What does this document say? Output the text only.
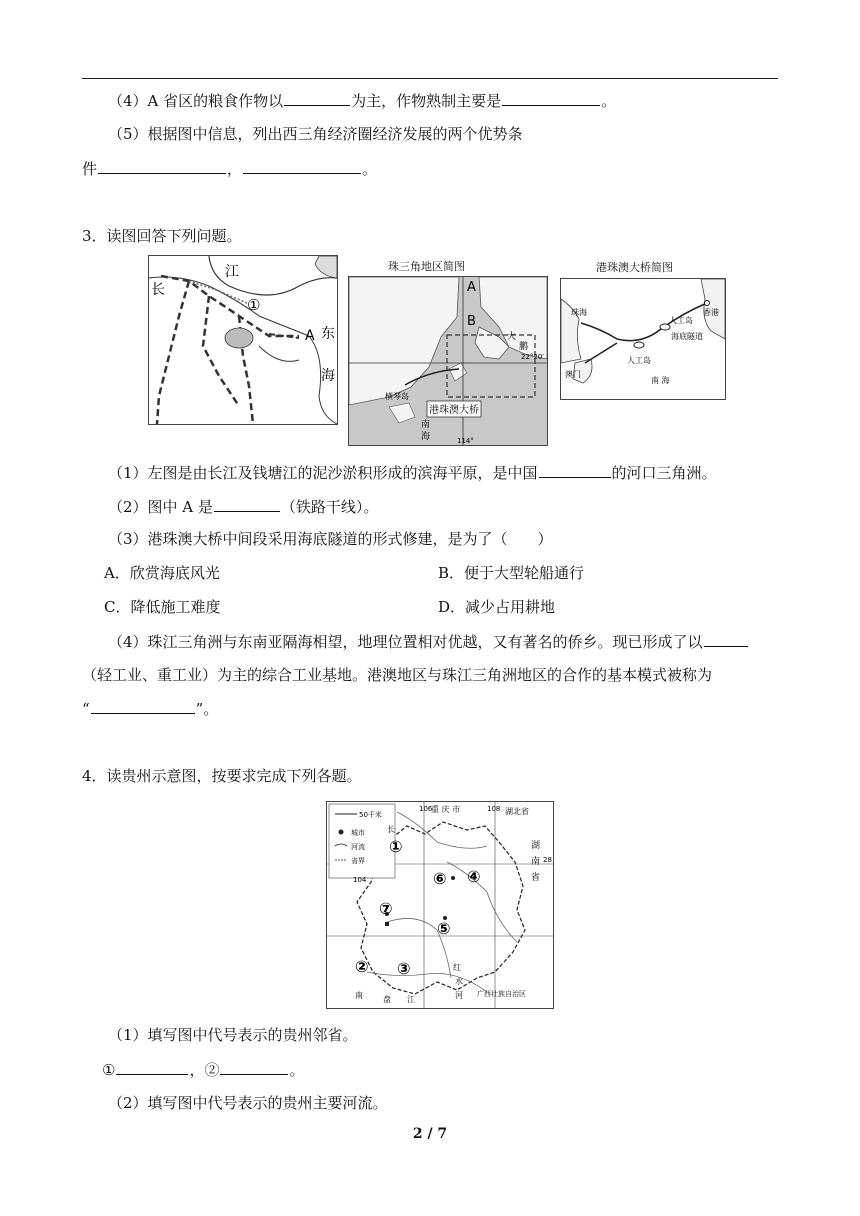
（4）A 省区的粮食作物以	为主，作物熟制主要是	。
（5）根据图中信息，列出西三角经济圈经济发展的两个优势条
件	，	。
3．读图回答下列问题。
江
长
①
A 东
海
港珠澳大桥
A
B
22°20′
114°
横琴岛
南
海
大
鹏
珠三角地区简图
珠海
澳门
香港
人工岛
人工岛
海底隧道
南 海
港珠澳大桥简图
（1）左图是由长江及钱塘江的泥沙淤积形成的滨海平原，是中国	的河口三角洲。
（2）图中 A 是	（铁路干线）。
（3）港珠澳大桥中间段采用海底隧道的形式修建，是为了（　　）
A．欣赏海底风光	B．便于大型轮船通行
C．降低施工难度	D．减少占用耕地
（4）珠江三角洲与东南亚隔海相望，地理位置相对优越，又有著名的侨乡。现已形成了以
（轻工业、重工业）为主的综合工业基地。港澳地区与珠江三角洲地区的合作的基本模式被称为
“	”。
4．读贵州示意图，按要求完成下列各题。
50千米
城市
河流
省界
106	108
104
28
重 庆 市	湖北省
湖
南
省
长
广西壮族自治区
南	盘 江
红
水
河
①
② ③
④
⑤
⑥
⑦
（1）填写图中代号表示的贵州邻省。
①	，②	。
（2）填写图中代号表示的贵州主要河流。
2 / 7
